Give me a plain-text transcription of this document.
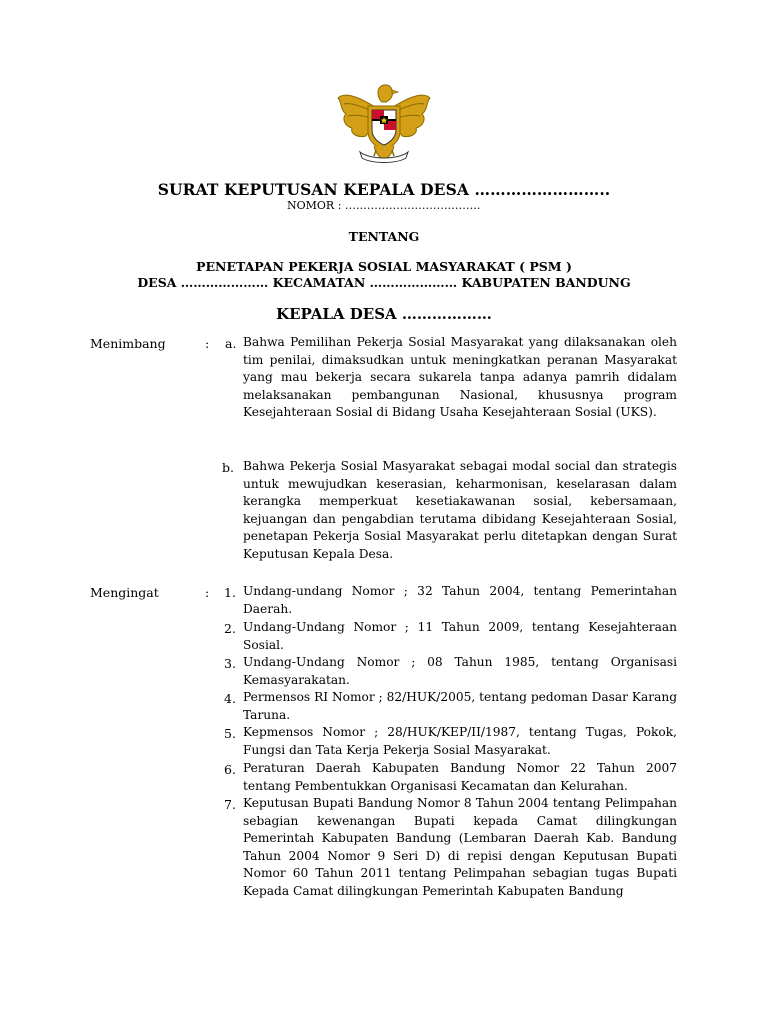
SURAT KEPUTUSAN KEPALA DESA ……………………..
NOMOR : ……………………………….
TENTANG
PENETAPAN PEKERJA SOSIAL MASYARAKAT ( PSM )
DESA ………………… KECAMATAN ………………… KABUPATEN BANDUNG
KEPALA DESA ………………
Menimbang	: a. Bahwa Pemilihan Pekerja Sosial Masyarakat yang dilaksanakan oleh tim penilai, dimaksudkan untuk meningkatkan peranan Masyarakat yang mau bekerja secara sukarela tanpa adanya pamrih didalam melaksanakan pembangunan Nasional, khususnya program Kesejahteraan Sosial di Bidang Usaha Kesejahteraan Sosial (UKS).
b. Bahwa Pekerja Sosial Masyarakat sebagai modal social dan strategis untuk mewujudkan keserasian, keharmonisan, keselarasan dalam kerangka memperkuat kesetiakawanan sosial, kebersamaan, kejuangan dan pengabdian terutama dibidang Kesejahteraan Sosial, penetapan Pekerja Sosial Masyarakat perlu ditetapkan dengan Surat Keputusan Kepala Desa.
Mengingat	: 1. Undang-undang Nomor ; 32 Tahun 2004, tentang Pemerintahan Daerah.
2. Undang-Undang Nomor ; 11 Tahun 2009, tentang Kesejahteraan Sosial.
3. Undang-Undang Nomor ; 08 Tahun 1985, tentang Organisasi Kemasyarakatan.
4. Permensos RI Nomor ; 82/HUK/2005, tentang pedoman Dasar Karang Taruna.
5. Kepmensos Nomor ; 28/HUK/KEP/II/1987, tentang Tugas, Pokok, Fungsi dan Tata Kerja Pekerja Sosial Masyarakat.
6. Peraturan Daerah Kabupaten Bandung Nomor 22 Tahun 2007 tentang Pembentukkan Organisasi Kecamatan dan Kelurahan.
7. Keputusan Bupati Bandung Nomor 8 Tahun 2004 tentang Pelimpahan sebagian kewenangan Bupati kepada Camat dilingkungan Pemerintah Kabupaten Bandung (Lembaran Daerah Kab. Bandung Tahun 2004 Nomor 9 Seri D) di repisi dengan Keputusan Bupati Nomor 60 Tahun 2011 tentang Pelimpahan sebagian tugas Bupati Kepada Camat dilingkungan Pemerintah Kabupaten Bandung
